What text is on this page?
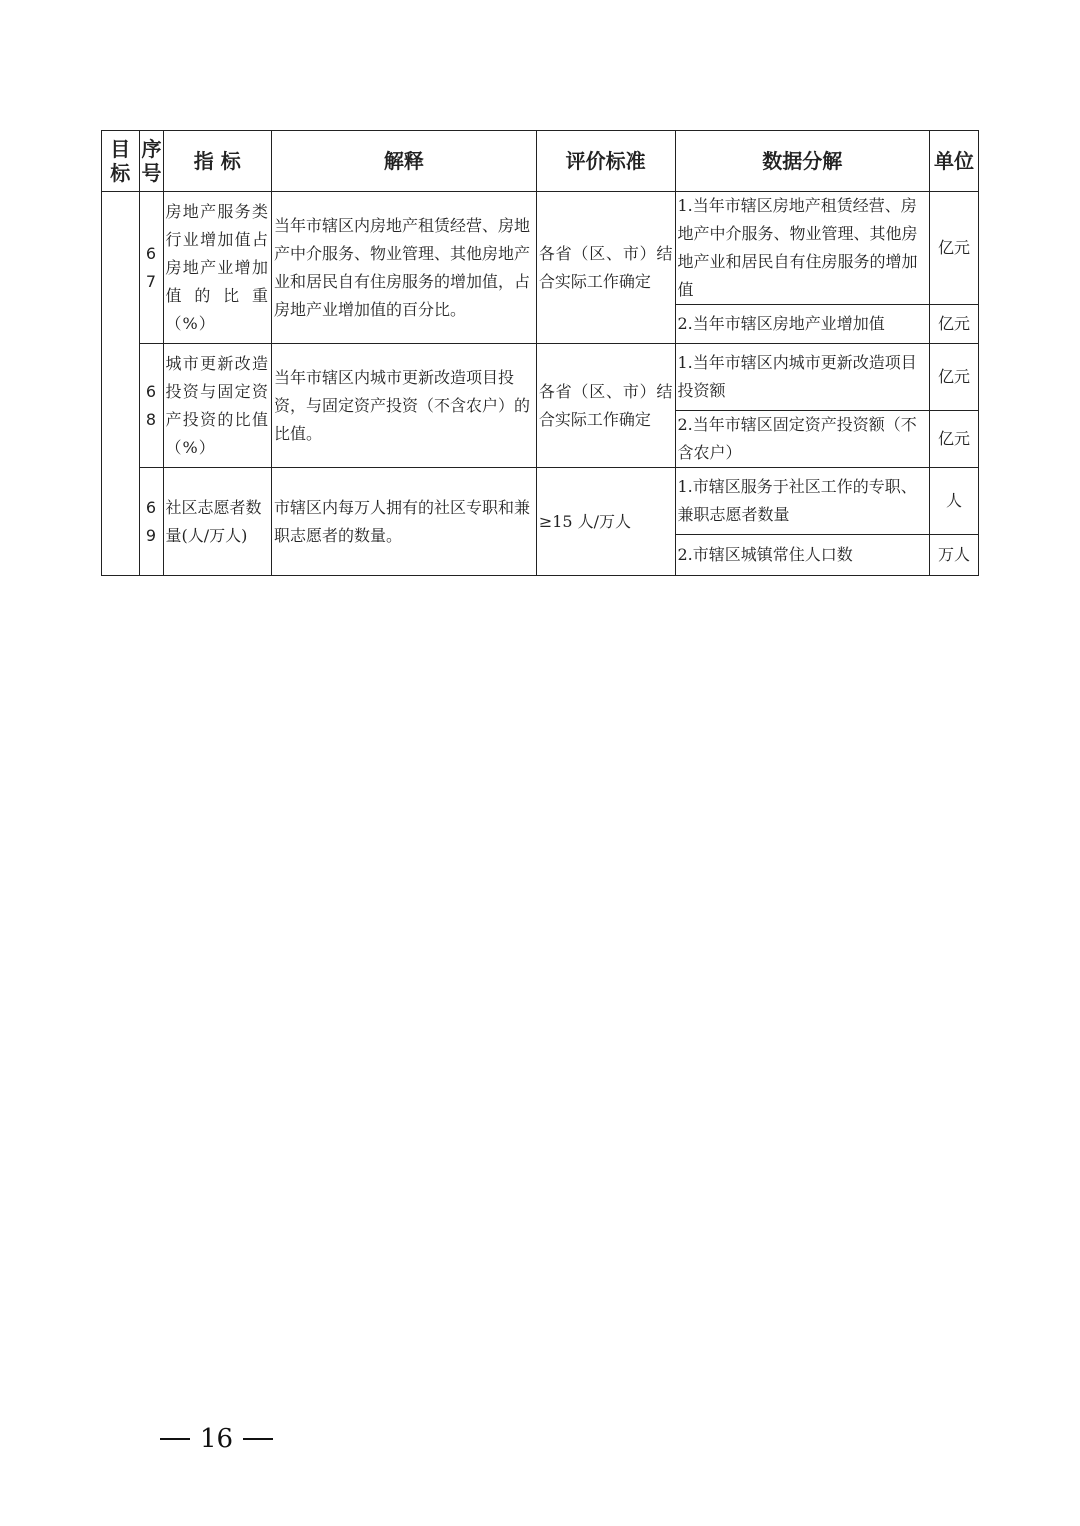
目标	序号	指 标	解释	评价标准	数据分解	单位
	67	房地产服务类行业增加值占房地产业增加值的比重（%）	当年市辖区内房地产租赁经营、房地产中介服务、物业管理、其他房地产业和居民自有住房服务的增加值，占房地产业增加值的百分比。	各省（区、市）结合实际工作确定	1.当年市辖区房地产租赁经营、房地产中介服务、物业管理、其他房地产业和居民自有住房服务的增加值	亿元
					2.当年市辖区房地产业增加值	亿元
	68	城市更新改造投资与固定资产投资的比值（%）	当年市辖区内城市更新改造项目投资，与固定资产投资（不含农户）的比值。	各省（区、市）结合实际工作确定	1.当年市辖区内城市更新改造项目投资额	亿元
					2.当年市辖区固定资产投资额（不含农户）	亿元
	69	社区志愿者数量(人/万人)	市辖区内每万人拥有的社区专职和兼职志愿者的数量。	≥15 人/万人	1.市辖区服务于社区工作的专职、兼职志愿者数量	人
					2.市辖区城镇常住人口数	万人
16
